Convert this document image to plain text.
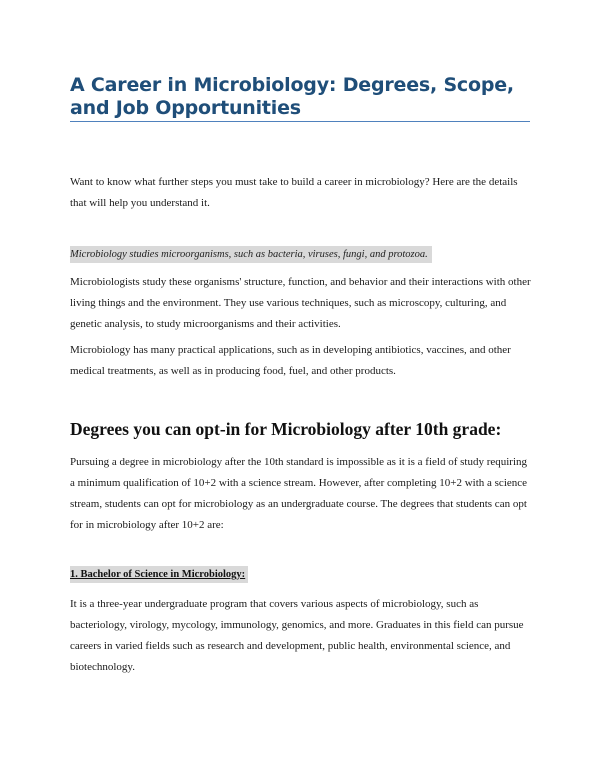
A Career in Microbiology: Degrees, Scope, and Job Opportunities

Want to know what further steps you must take to build a career in microbiology? Here are the details that will help you understand it.

Microbiology studies microorganisms, such as bacteria, viruses, fungi, and protozoa.

Microbiologists study these organisms' structure, function, and behavior and their interactions with other living things and the environment. They use various techniques, such as microscopy, culturing, and genetic analysis, to study microorganisms and their activities.

Microbiology has many practical applications, such as in developing antibiotics, vaccines, and other medical treatments, as well as in producing food, fuel, and other products.

Degrees you can opt-in for Microbiology after 10th grade:

Pursuing a degree in microbiology after the 10th standard is impossible as it is a field of study requiring a minimum qualification of 10+2 with a science stream. However, after completing 10+2 with a science stream, students can opt for microbiology as an undergraduate course. The degrees that students can opt for in microbiology after 10+2 are:

1. Bachelor of Science in Microbiology:

It is a three-year undergraduate program that covers various aspects of microbiology, such as bacteriology, virology, mycology, immunology, genomics, and more. Graduates in this field can pursue careers in varied fields such as research and development, public health, environmental science, and biotechnology.
